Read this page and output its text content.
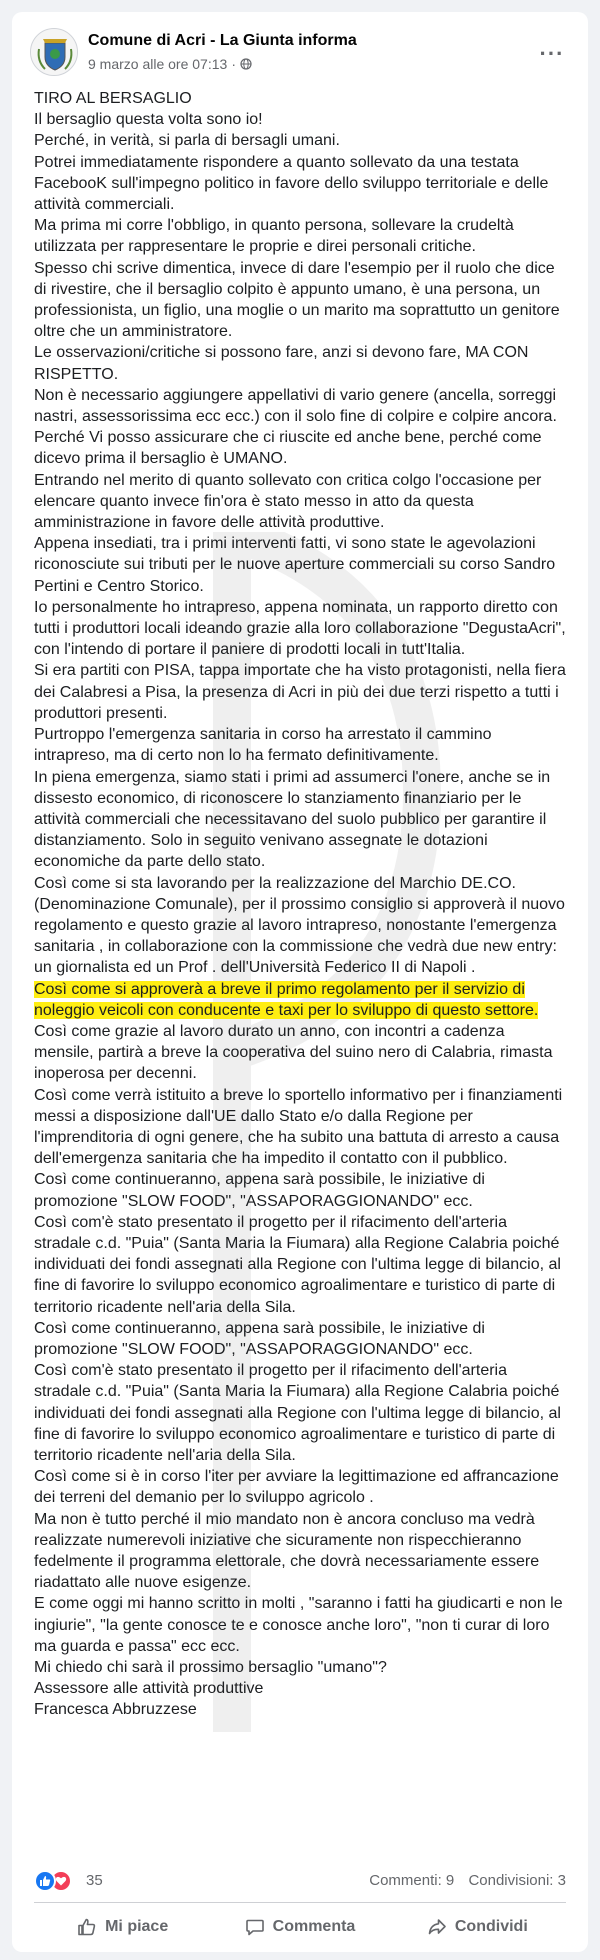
Comune di Acri - La Giunta informa
9 marzo alle ore 07:13 ·	···

TIRO AL BERSAGLIO

Il bersaglio questa volta sono io!

Perché, in verità, si parla di bersagli umani.

Potrei immediatamente rispondere a quanto sollevato da una testata FacebooK sull'impegno politico in favore dello sviluppo territoriale e delle attività commerciali.

Ma prima mi corre l'obbligo, in quanto persona, sollevare la crudeltà utilizzata per rappresentare le proprie e direi personali critiche.

Spesso chi scrive dimentica, invece di dare l'esempio per il ruolo che dice di rivestire, che il bersaglio colpito è appunto umano, è una persona, un professionista, un figlio, una moglie o un marito ma soprattutto un genitore oltre che un amministratore.

Le osservazioni/critiche si possono fare, anzi si devono fare, MA CON RISPETTO.

Non è necessario aggiungere appellativi di vario genere (ancella, sorreggi nastri, assessorissima ecc ecc.) con il solo fine di colpire e colpire ancora.

Perché Vi posso assicurare che ci riuscite ed anche bene, perché come dicevo prima il bersaglio è UMANO.

Entrando nel merito di quanto sollevato con critica colgo l'occasione per elencare quanto invece fin'ora è stato messo in atto da questa amministrazione in favore delle attività produttive.

Appena insediati, tra i primi interventi fatti, vi sono state le agevolazioni riconosciute sui tributi per le nuove aperture commerciali su corso Sandro Pertini e Centro Storico.

Io personalmente ho intrapreso, appena nominata, un rapporto diretto con tutti i produttori locali ideando grazie alla loro collaborazione "DegustaAcri", con l'intendo di portare il paniere di prodotti locali in tutt'Italia.

Si era partiti con PISA, tappa importate che ha visto protagonisti, nella fiera dei Calabresi a Pisa, la presenza di Acri in più dei due terzi rispetto a tutti i produttori presenti.

Purtroppo l'emergenza sanitaria in corso ha arrestato il cammino intrapreso, ma di certo non lo ha fermato definitivamente.

In piena emergenza, siamo stati i primi ad assumerci l'onere, anche se in dissesto economico, di riconoscere lo stanziamento finanziario per le attività commerciali che necessitavano del suolo pubblico per garantire il distanziamento. Solo in seguito venivano assegnate le dotazioni economiche da parte dello stato.

Così come si sta lavorando per la realizzazione del Marchio DE.CO. (Denominazione Comunale), per il prossimo consiglio si approverà il nuovo regolamento e questo grazie al lavoro intrapreso, nonostante l'emergenza sanitaria , in collaborazione con la commissione che vedrà due new entry: un giornalista ed un Prof . dell'Università Federico II di Napoli .

Così come si approverà a breve il primo regolamento per il servizio di noleggio veicoli con conducente e taxi per lo sviluppo di questo settore.

Così come grazie al lavoro durato un anno, con incontri a cadenza mensile, partirà a breve la cooperativa del suino nero di Calabria, rimasta inoperosa per decenni.

Così come verrà istituito a breve lo sportello informativo per i finanziamenti messi a disposizione dall'UE dallo Stato e/o dalla Regione per l'imprenditoria di ogni genere, che ha subito una battuta di arresto a causa dell'emergenza sanitaria che ha impedito il contatto con il pubblico.

Così come continueranno, appena sarà possibile, le iniziative di promozione "SLOW FOOD", "ASSAPORAGGIONANDO" ecc.

Così com'è stato presentato il progetto per il rifacimento dell'arteria stradale c.d. "Puia" (Santa Maria la Fiumara) alla Regione Calabria poiché individuati dei fondi assegnati alla Regione con l'ultima legge di bilancio, al fine di favorire lo sviluppo economico agroalimentare e turistico di parte di territorio ricadente nell'aria della Sila.

Così come continueranno, appena sarà possibile, le iniziative di promozione "SLOW FOOD", "ASSAPORAGGIONANDO" ecc.

Così com'è stato presentato il progetto per il rifacimento dell'arteria stradale c.d. "Puia" (Santa Maria la Fiumara) alla Regione Calabria poiché individuati dei fondi assegnati alla Regione con l'ultima legge di bilancio, al fine di favorire lo sviluppo economico agroalimentare e turistico di parte di territorio ricadente nell'aria della Sila.

Così come si è in corso l'iter per avviare la legittimazione ed affrancazione dei terreni del demanio per lo sviluppo agricolo .

Ma non è tutto perché il mio mandato non è ancora concluso ma vedrà realizzate numerevoli iniziative che sicuramente non rispecchieranno fedelmente il programma elettorale, che dovrà necessariamente essere riadattato alle nuove esigenze.

E come oggi mi hanno scritto in molti , "saranno i fatti ha giudicarti e non le ingiurie", "la gente conosce te e conosce anche loro", "non ti curar di loro ma guarda e passa" ecc ecc.

Mi chiedo chi sarà il prossimo bersaglio "umano"?

Assessore alle attività produttive

Francesca Abbruzzese

35	Commenti: 9 Condivisioni: 3
Mi piace	Commenta	Condividi
